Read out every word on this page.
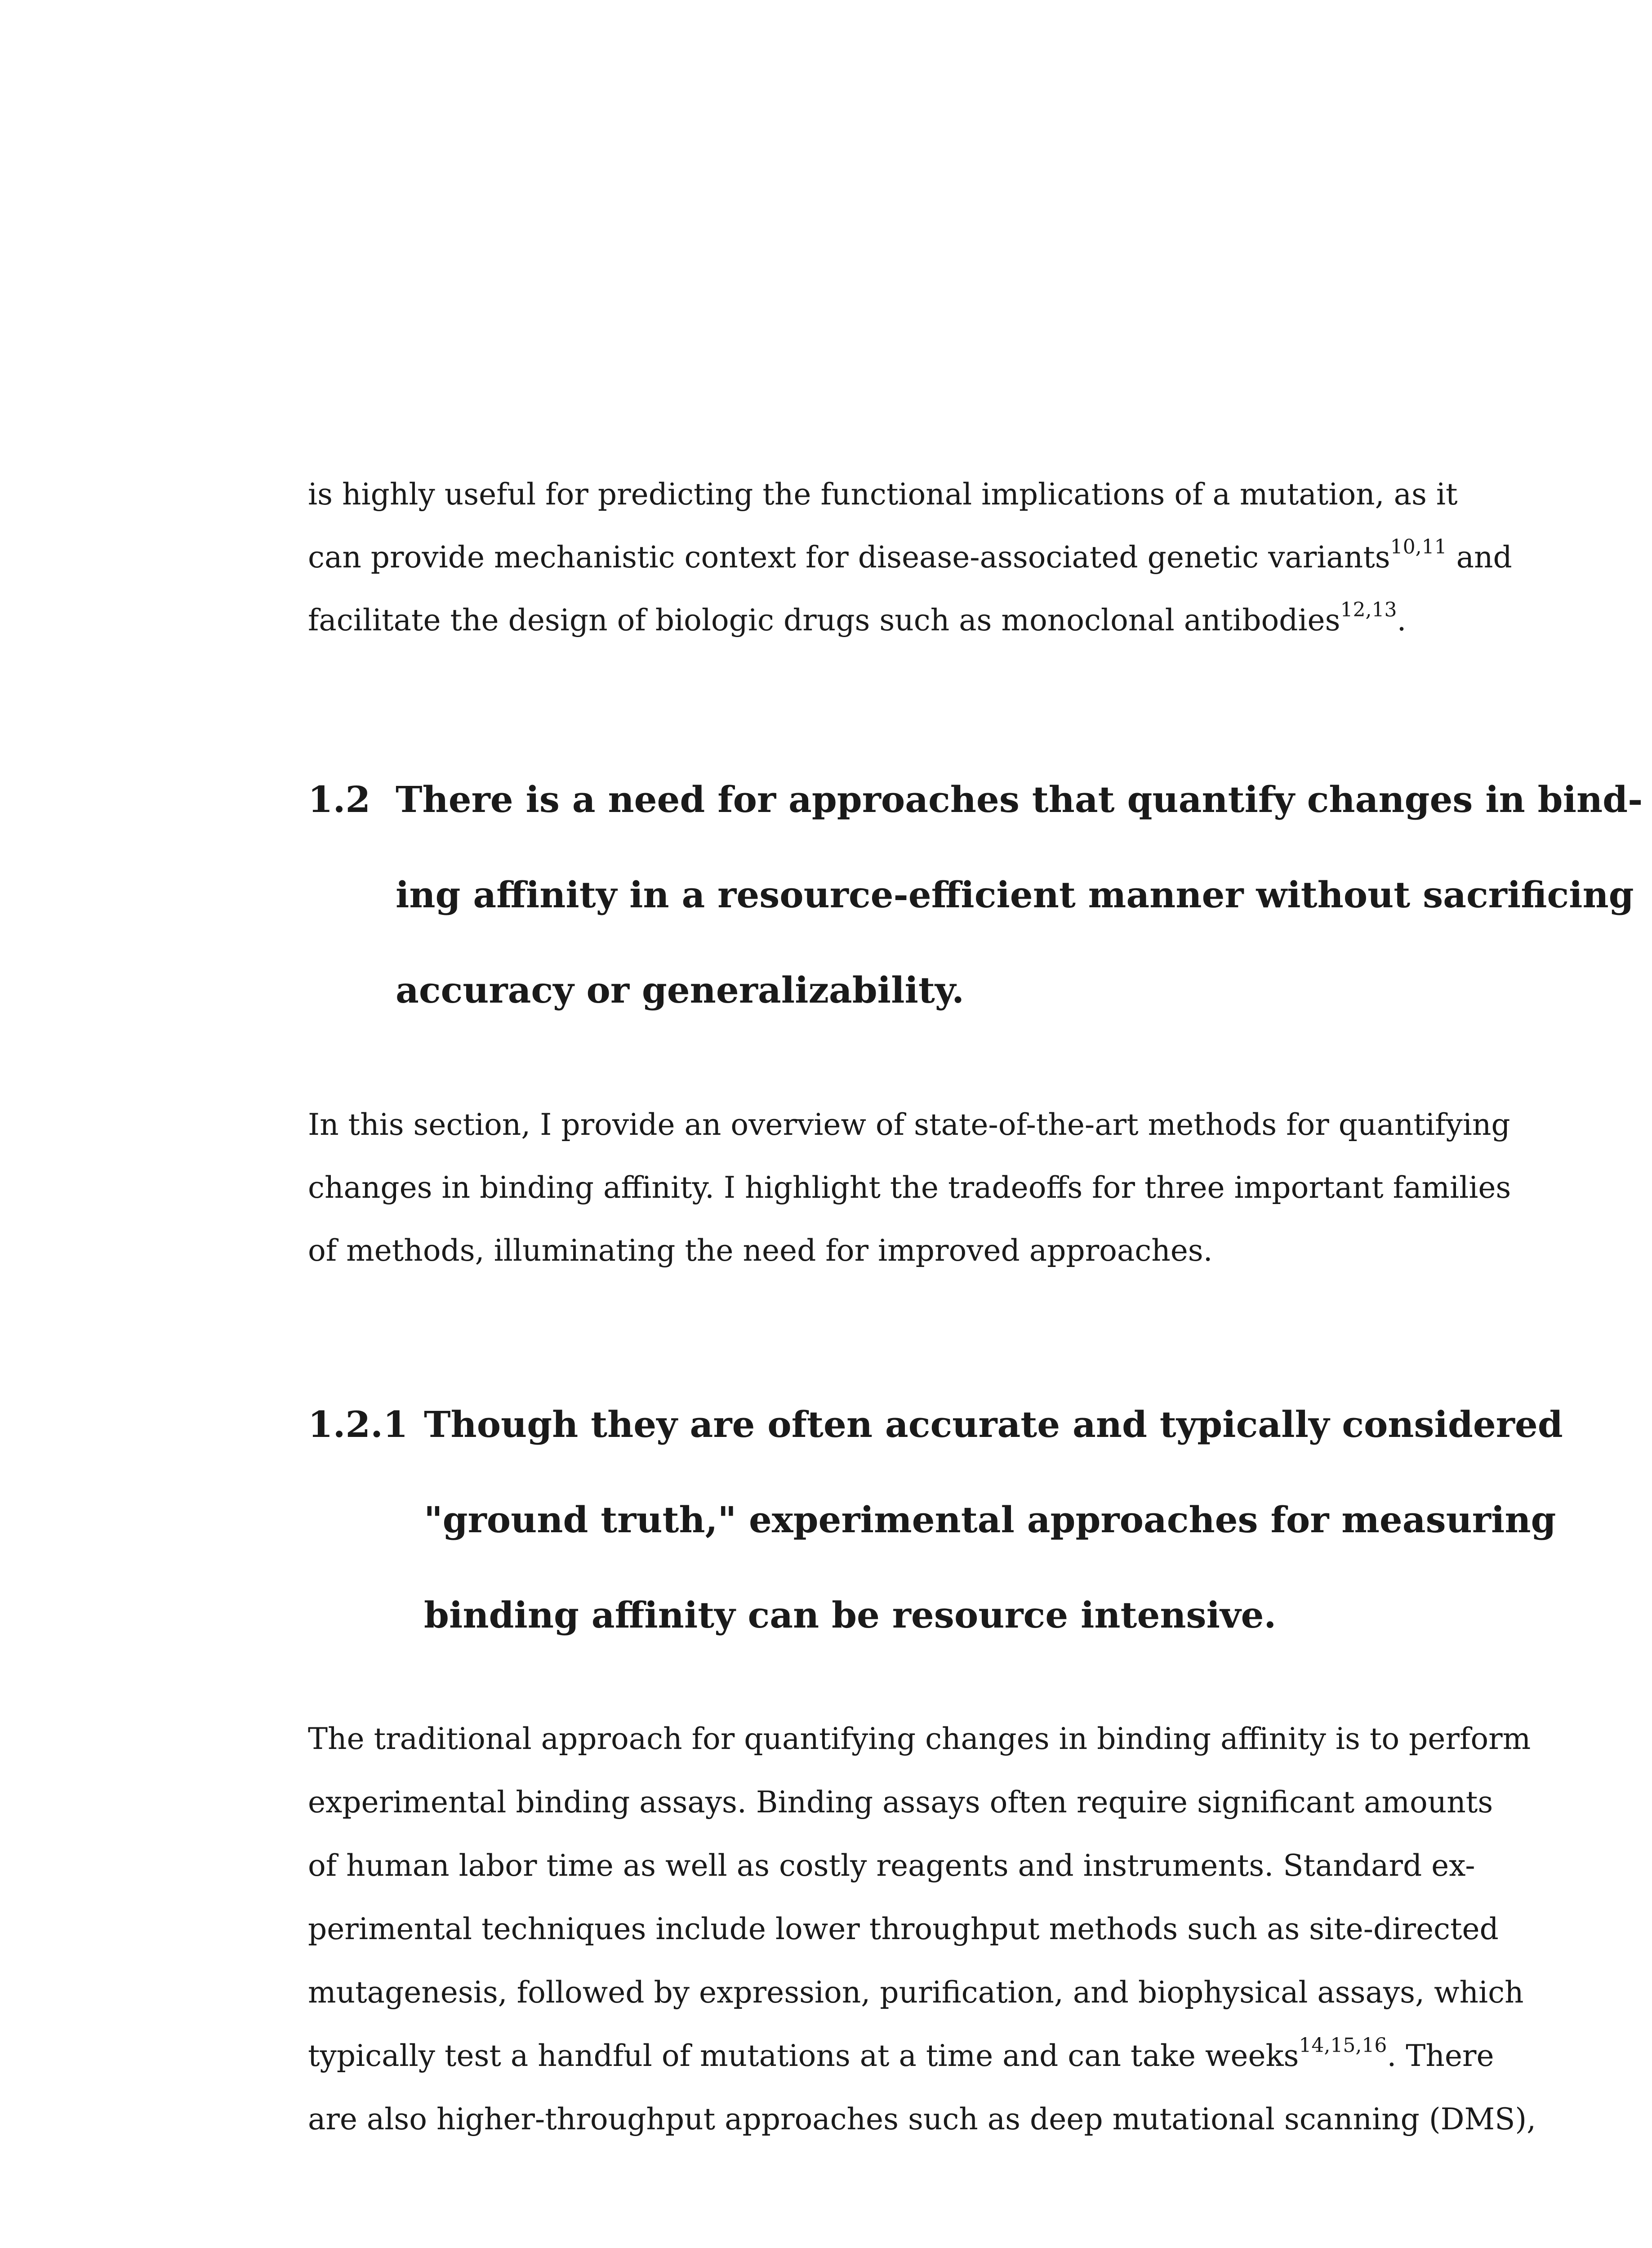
is highly useful for predicting the functional implications of a mutation, as it
can provide mechanistic context for disease-associated genetic variants$^{10,11}$ and
facilitate the design of biologic drugs such as monoclonal antibodies$^{12,13}$.
1.2 There is a need for approaches that quantify changes in bind-
ing affinity in a resource-efficient manner without sacrificing
accuracy or generalizability.
In this section, I provide an overview of state-of-the-art methods for quantifying
changes in binding affinity. I highlight the tradeoffs for three important families
of methods, illuminating the need for improved approaches.
1.2.1 Though they are often accurate and typically considered
"ground truth," experimental approaches for measuring
binding affinity can be resource intensive.
The traditional approach for quantifying changes in binding affinity is to perform
experimental binding assays. Binding assays often require significant amounts
of human labor time as well as costly reagents and instruments. Standard ex-
perimental techniques include lower throughput methods such as site-directed
mutagenesis, followed by expression, purification, and biophysical assays, which
typically test a handful of mutations at a time and can take weeks$^{14,15,16}$. There
are also higher-throughput approaches such as deep mutational scanning (DMS),
